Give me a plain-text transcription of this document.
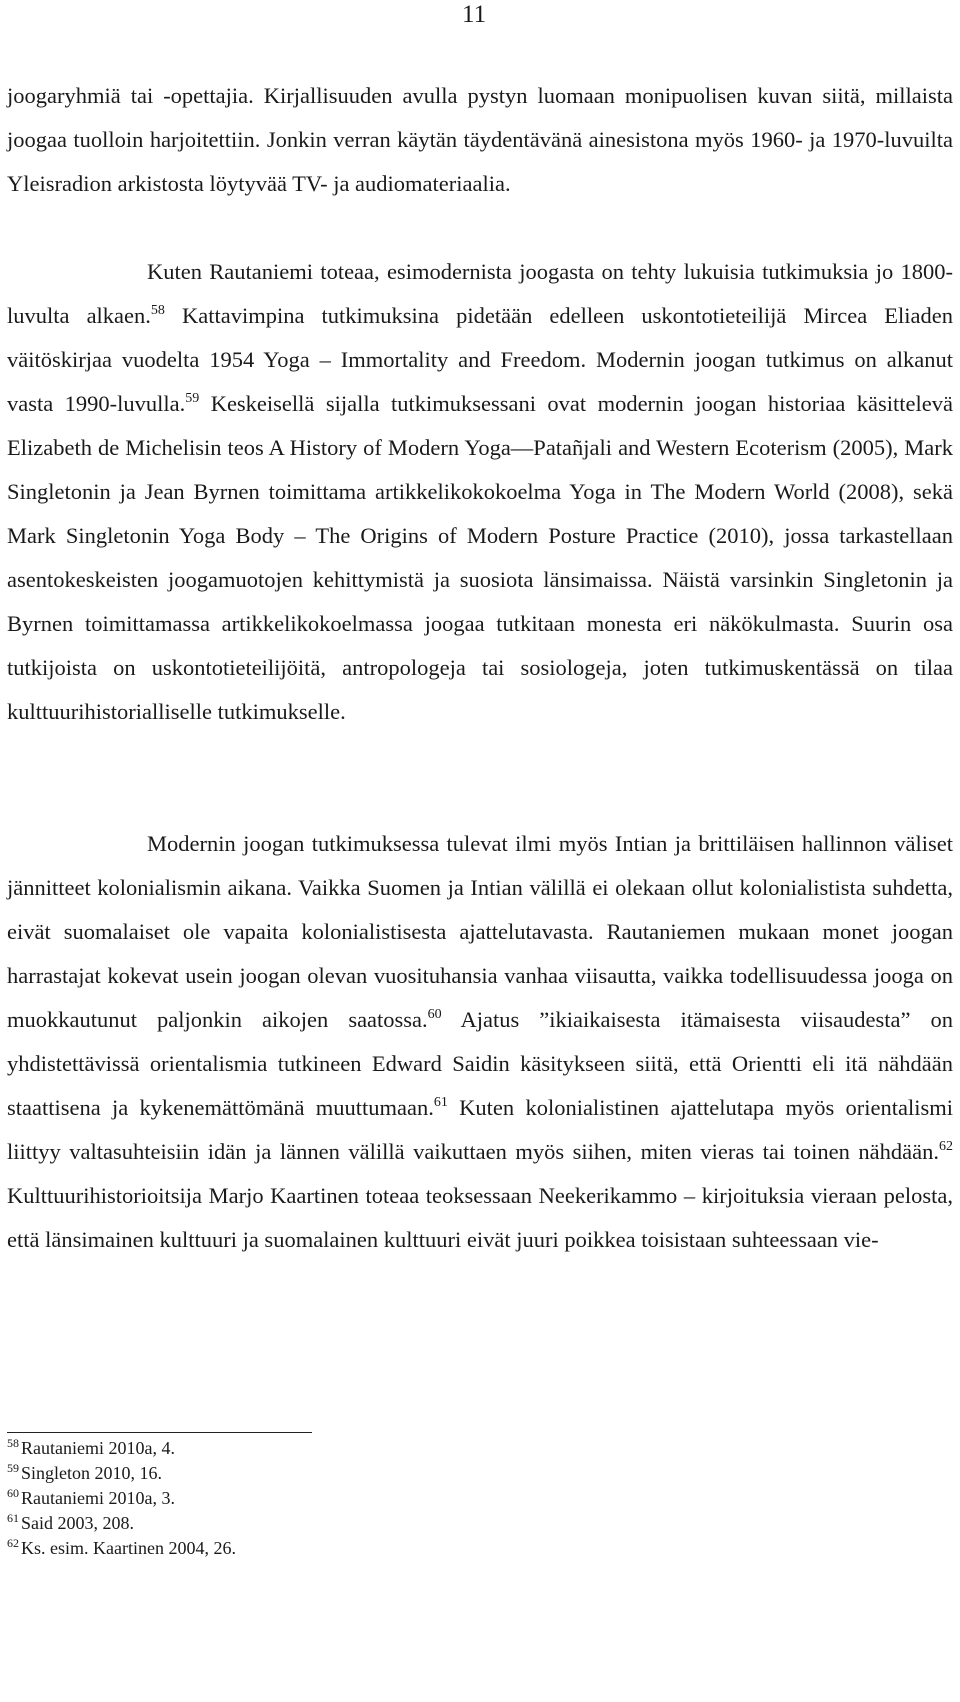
11

joogaryhmiä tai -opettajia. Kirjallisuuden avulla pystyn luomaan monipuolisen kuvan siitä, millaista joogaa tuolloin harjoitettiin. Jonkin verran käytän täydentävänä ainesistona myös 1960- ja 1970-luvuilta Yleisradion arkistosta löytyvää TV- ja audiomateriaalia.

Kuten Rautaniemi toteaa, esimodernista joogasta on tehty lukuisia tutkimuksia jo 1800-luvulta alkaen.$^{58}$ Kattavimpina tutkimuksina pidetään edelleen uskontotieteilijä Mircea Eliaden väitöskirjaa vuodelta 1954 Yoga – Immortality and Freedom. Modernin joogan tutkimus on alkanut vasta 1990-luvulla.$^{59}$ Keskeisellä sijalla tutkimuksessani ovat modernin joogan historiaa käsittelevä Elizabeth de Michelisin teos A History of Modern Yoga—Patañjali and Western Ecoterism (2005), Mark Singletonin ja Jean Byrnen toimittama artikkelikokokoelma Yoga in The Modern World (2008), sekä Mark Singletonin Yoga Body – The Origins of Modern Posture Practice (2010), jossa tarkastellaan asentokeskeisten joogamuotojen kehittymistä ja suosiota länsimaissa. Näistä varsinkin Singletonin ja Byrnen toimittamassa artikkelikokoelmassa joogaa tutkitaan monesta eri näkökulmasta. Suurin osa tutkijoista on uskontotieteilijöitä, antropologeja tai sosiologeja, joten tutkimuskentässä on tilaa kulttuurihistorialliselle tutkimukselle.

Modernin joogan tutkimuksessa tulevat ilmi myös Intian ja brittiläisen hallinnon väliset jännitteet kolonialismin aikana. Vaikka Suomen ja Intian välillä ei olekaan ollut kolonialistista suhdetta, eivät suomalaiset ole vapaita kolonialistisesta ajattelutavasta. Rautaniemen mukaan monet joogan harrastajat kokevat usein joogan olevan vuosituhansia vanhaa viisautta, vaikka todellisuudessa jooga on muokkautunut paljonkin aikojen saatossa.$^{60}$ Ajatus ”ikiaikaisesta itämaisesta viisaudesta” on yhdistettävissä orientalismia tutkineen Edward Saidin käsitykseen siitä, että Orientti eli itä nähdään staattisena ja kykenemättömänä muuttumaan.$^{61}$ Kuten kolonialistinen ajattelutapa myös orientalismi liittyy valtasuhteisiin idän ja lännen välillä vaikuttaen myös siihen, miten vieras tai toinen nähdään.$^{62}$ Kulttuurihistorioitsija Marjo Kaartinen toteaa teoksessaan Neekerikammo – kirjoituksia vieraan pelosta, että länsimainen kulttuuri ja suomalainen kulttuuri eivät juuri poikkea toisistaan suhteessaan vie-

$^{58}$ Rautaniemi 2010a, 4.
$^{59}$ Singleton 2010, 16.
$^{60}$ Rautaniemi 2010a, 3.
$^{61}$ Said 2003, 208.
$^{62}$ Ks. esim. Kaartinen 2004, 26.
